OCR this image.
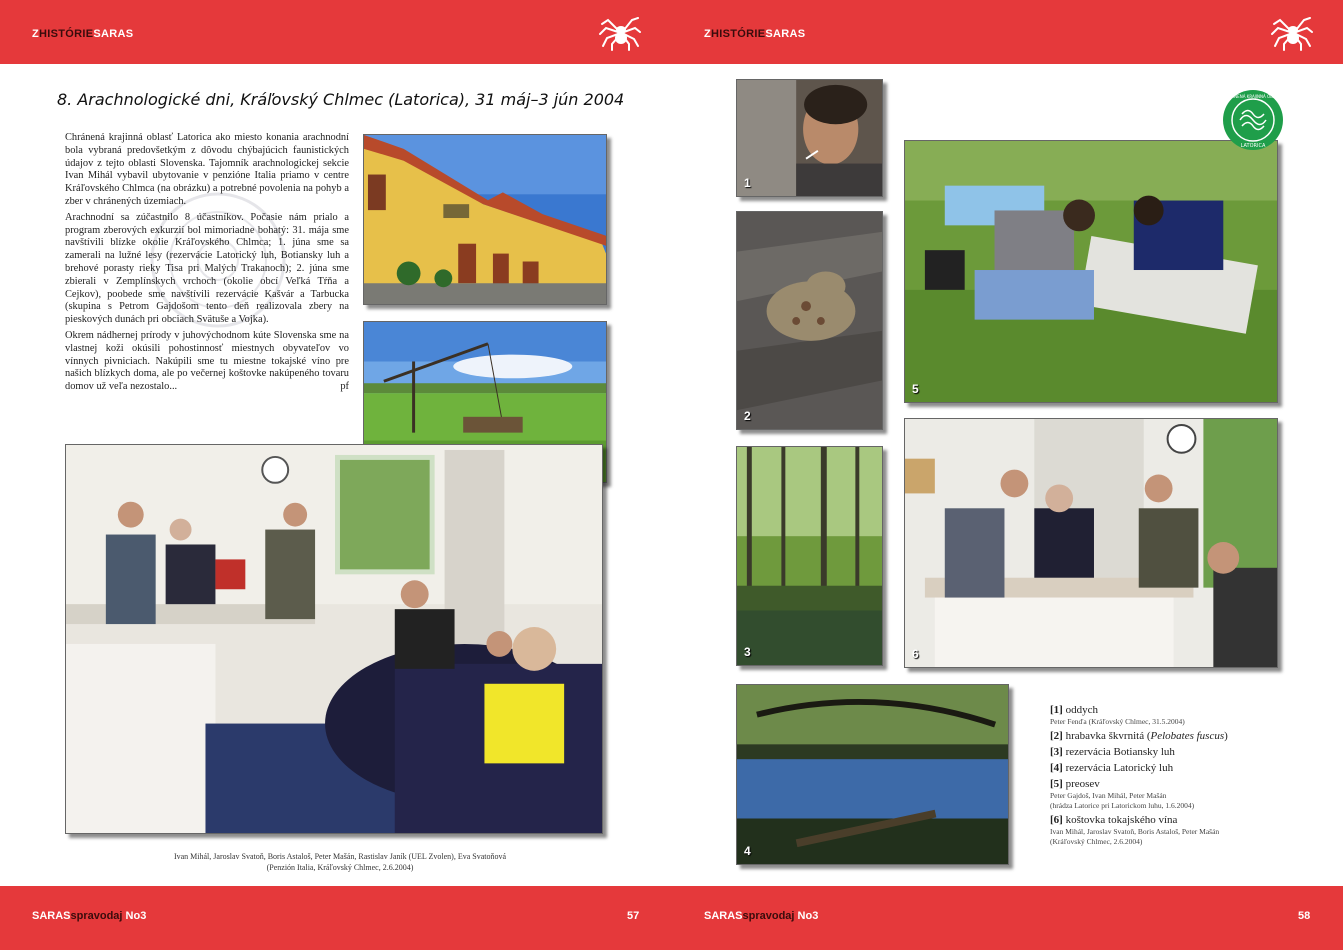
ZHISTÓRIESARAS	ZHISTÓRIESARAS
SARASspravodaj No3	57	SARASspravodaj No3	58
8. Arachnologické dni, Kráľovský Chlmec (Latorica), 31 máj–3 jún 2004

Chránená krajinná oblasť Latorica ako miesto konania arachnodní bola vybraná predovšetkým z dôvodu chýbajúcich faunistických údajov z tejto oblasti Slovenska. Tajomník arachnologickej sekcie Ivan Mihál vybavil ubytovanie v penzióne Italia priamo v centre Kráľovského Chlmca (na obrázku) a potrebné povolenia na pohyb a zber v chránených územiach.

Arachnodní sa zúčastnilo 8 účastníkov. Počasie nám prialo a program zberových exkurzií bol mimoriadne bohatý: 31. mája sme navštívili blízke okolie Kráľovského Chlmca; 1. júna sme sa zamerali na lužné lesy (rezervácie Latorický luh, Botiansky luh a brehové porasty rieky Tisa pri Malých Trakanoch); 2. júna sme zbierali v Zemplínskych vrchoch (okolie obcí Veľká Tŕňa a Cejkov), poobede sme navštívili rezervácie Kašvár a Tarbucka (skupina s Petrom Gajdošom tento deň realizovala zbery na pieskových dunách pri obciach Svätuše a Vojka).

Okrem nádhernej prírody v juhovýchodnom kúte Slovenska sme na vlastnej koži okúsili pohostinnosť miestnych obyvateľov vo vínnych pivniciach. Nakúpili sme tu miestne tokajské víno pre našich blízkych doma, ale po večernej koštovke nakúpeného tovaru domov už veľa nezostalo...	pf

Ivan Mihál, Jaroslav Svatoň, Boris Astaloš, Peter Mašán, Rastislav Janík (UEL Zvolen), Eva Svatoňová
(Penzión Italia, Kráľovský Chlmec, 2.6.2004)
1
2
3
4
5
6
CHRÁNENÁ KRAJINNÁ OBLASŤ
LATORICA
[1] oddych
Peter Fenďa (Kráľovský Chlmec, 31.5.2004)
[2] hrabavka škvrnitá (Pelobates fuscus)
[3] rezervácia Botiansky luh
[4] rezervácia Latorický luh
[5] preosev
Peter Gajdoš, Ivan Mihál, Peter Mašán
(hrádza Latorice pri Latorickom luhu, 1.6.2004)
[6] koštovka tokajského vína
Ivan Mihál, Jaroslav Svatoň, Boris Astaloš, Peter Mašán
(Kráľovský Chlmec, 2.6.2004)
